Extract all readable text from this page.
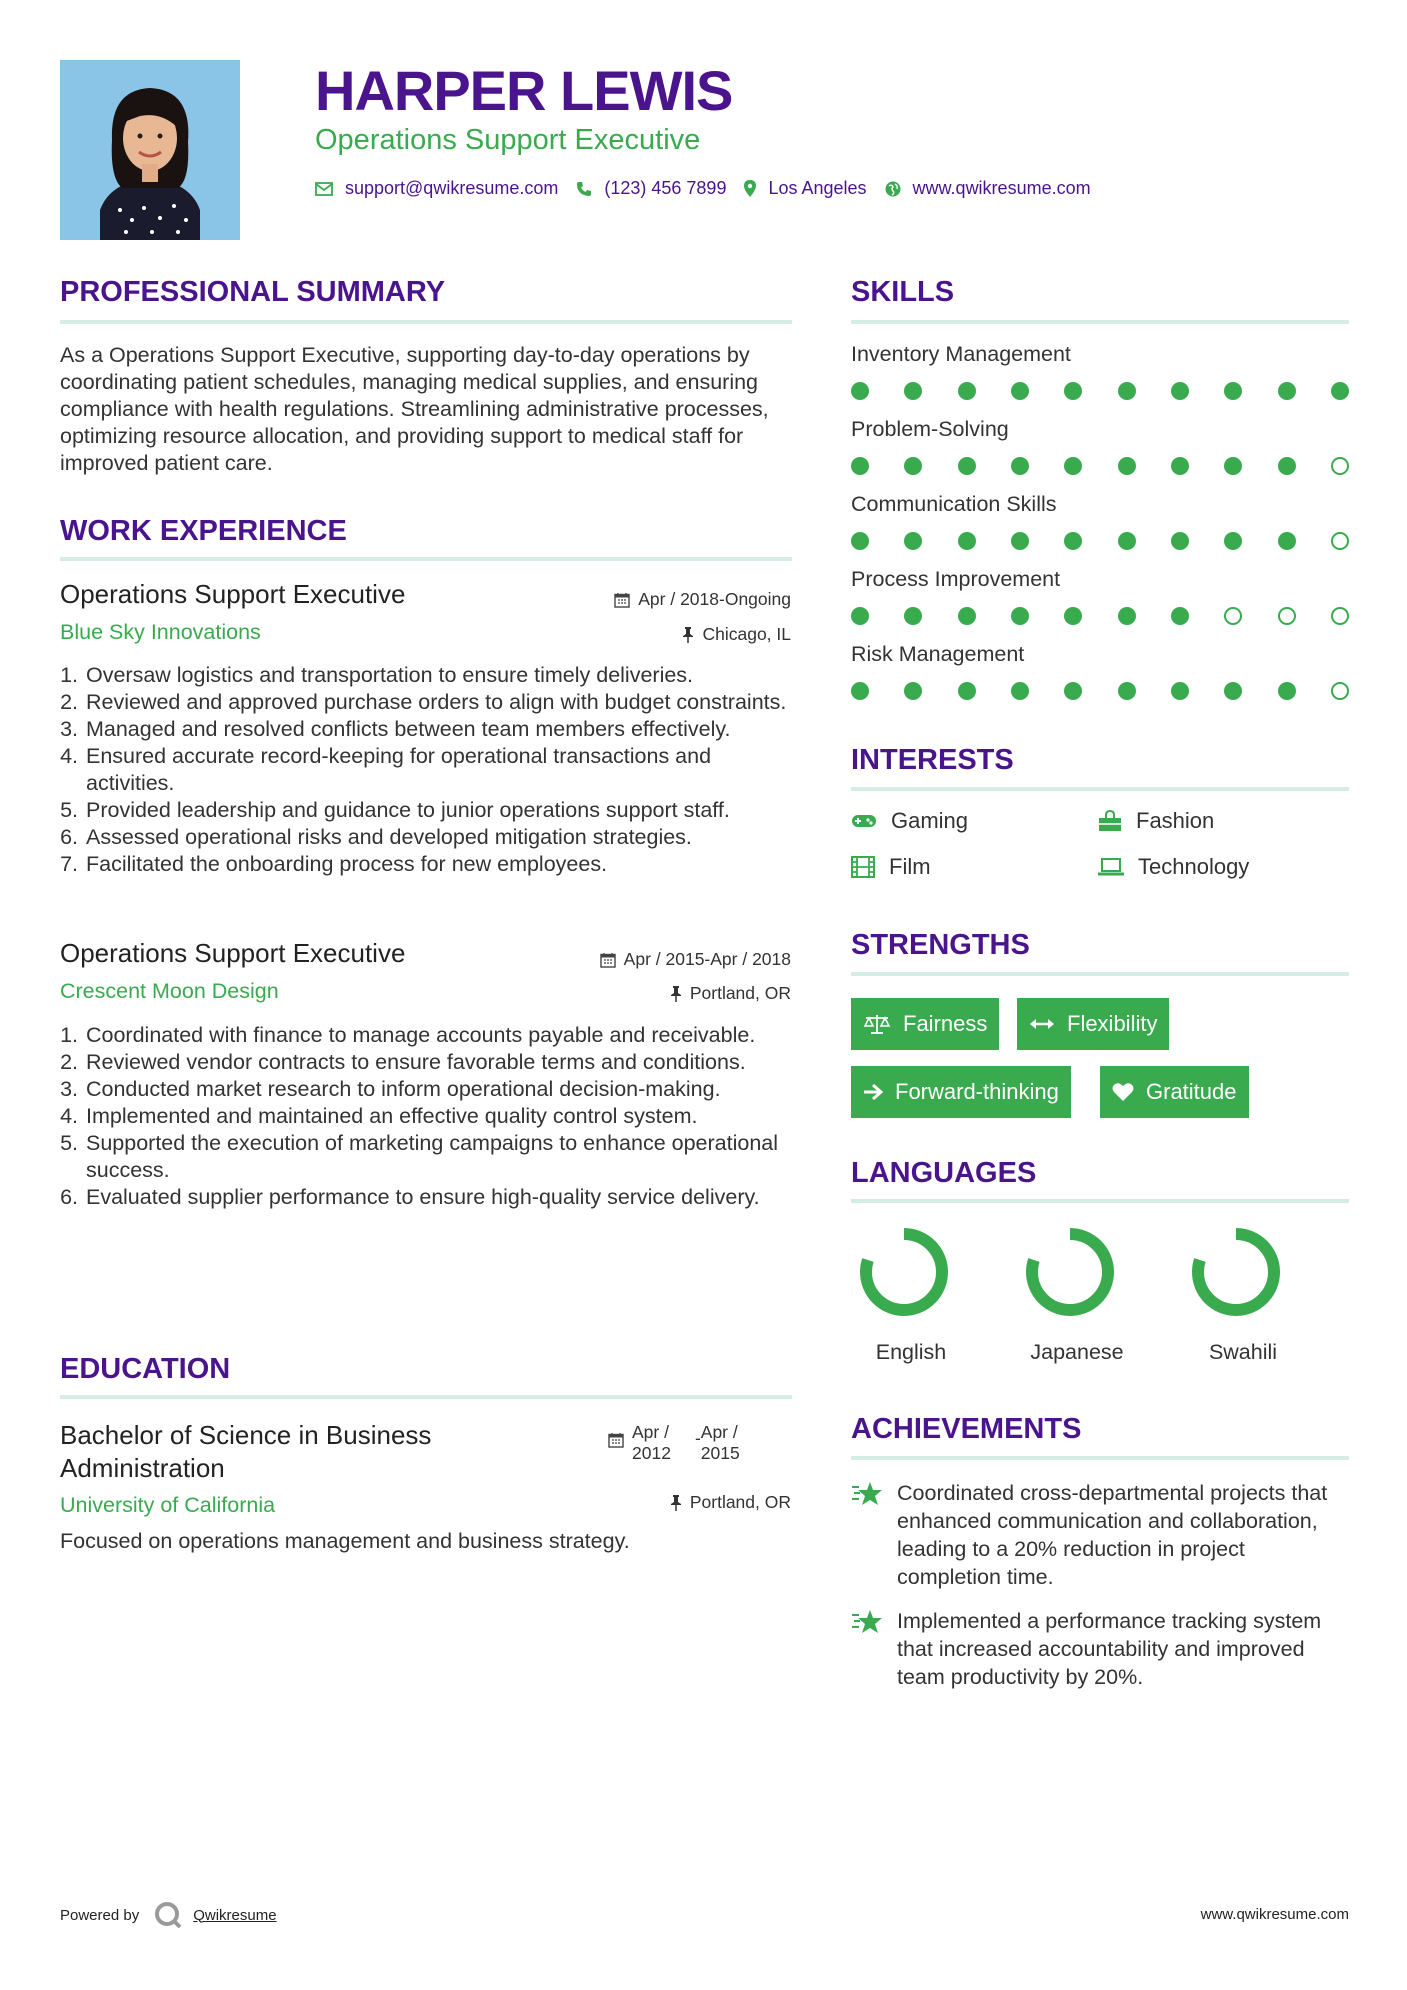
HARPER LEWIS
Operations Support Executive
support@qwikresume.com	(123) 456 7899 Los Angeles	www.qwikresume.com
PROFESSIONAL SUMMARY
As a Operations Support Executive, supporting day-to-day operations by coordinating patient schedules, managing medical supplies, and ensuring compliance with health regulations. Streamlining administrative processes, optimizing resource allocation, and providing support to medical staff for improved patient care.
WORK EXPERIENCE
Operations Support Executive
Blue Sky Innovations
Apr / 2018-Ongoing
Chicago, IL
1.
Oversaw logistics and transportation to ensure timely deliveries.
2.
Reviewed and approved purchase orders to align with budget constraints.
3.
Managed and resolved conflicts between team members effectively.
4.
Ensured accurate record-keeping for operational transactions and activities.
5.
Provided leadership and guidance to junior operations support staff.
6.
Assessed operational risks and developed mitigation strategies.
7.
Facilitated the onboarding process for new employees.
Operations Support Executive
Crescent Moon Design
Apr / 2015-Apr / 2018
Portland, OR
1.
Coordinated with finance to manage accounts payable and receivable.
2.
Reviewed vendor contracts to ensure favorable terms and conditions.
3.
Conducted market research to inform operational decision-making.
4.
Implemented and maintained an effective quality control system.
5.
Supported the execution of marketing campaigns to enhance operational success.
6.
Evaluated supplier performance to ensure high-quality service delivery.
EDUCATION
Bachelor of Science in Business
Administration
University of California
Apr /
2012
- Apr /
2015
Portland, OR
Focused on operations management and business strategy.
SKILLS
Inventory Management
Problem-Solving
Communication Skills
Process Improvement
Risk Management
INTERESTS
Gaming	Fashion
Film	Technology
STRENGTHS
Fairness	Flexibility
Forward-thinking	Gratitude
LANGUAGES
English	Japanese	Swahili
ACHIEVEMENTS
Coordinated cross-departmental projects that enhanced communication and collaboration, leading to a 20% reduction in project completion time.
Implemented a performance tracking system that increased accountability and improved team productivity by 20%.
Powered by	Qwikresume	www.qwikresume.com
